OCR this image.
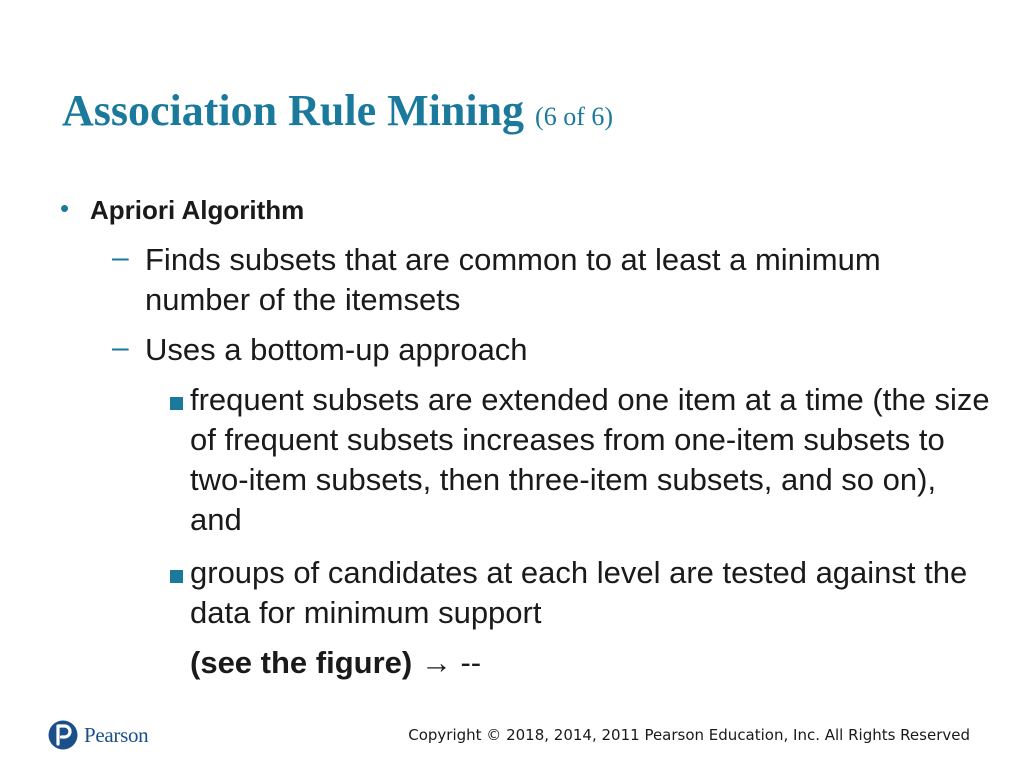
Association Rule Mining (6 of 6)
• Apriori Algorithm
– Finds subsets that are common to at least a minimum number of the itemsets
– Uses a bottom-up approach
frequent subsets are extended one item at a time (the size of frequent subsets increases from one-item subsets to two-item subsets, then three-item subsets, and so on), and
groups of candidates at each level are tested against the data for minimum support
(see the figure) → --
Pearson	Copyright © 2018, 2014, 2011 Pearson Education, Inc. All Rights Reserved
